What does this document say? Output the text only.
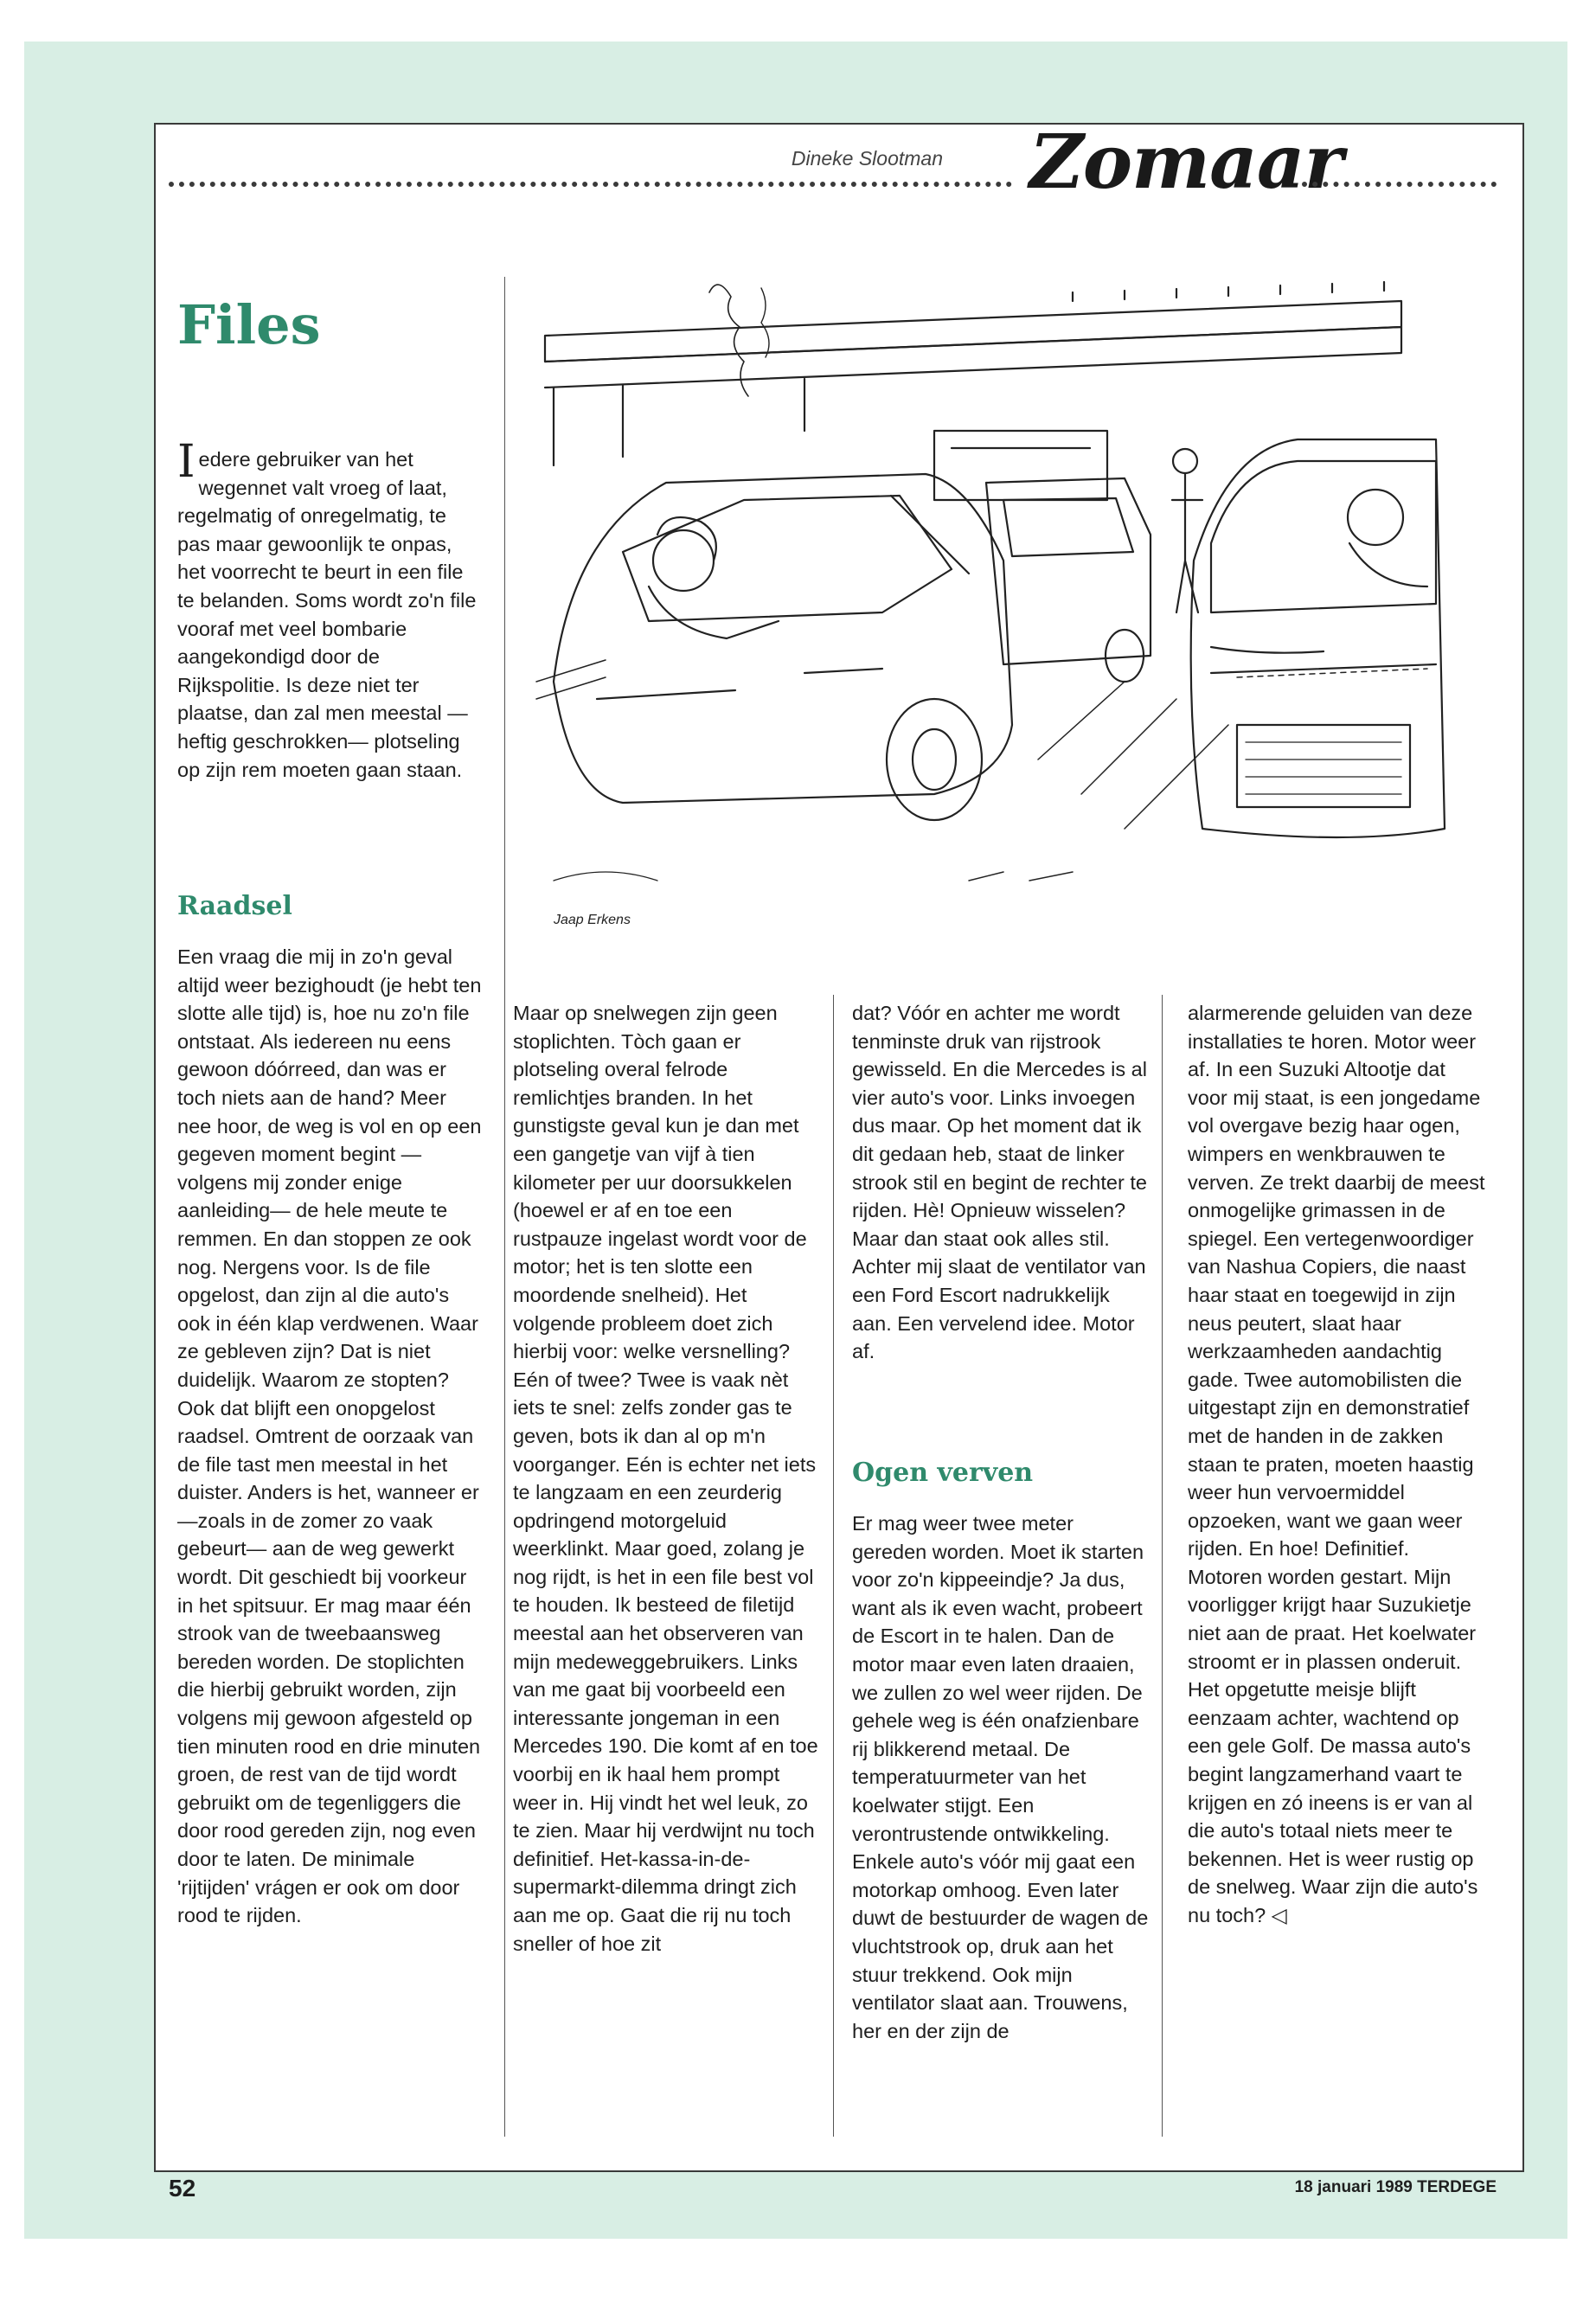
Dineke Slootman Zomaar
Files

Iedere gebruiker van het wegennet valt vroeg of laat, regelmatig of onregelmatig, te pas maar gewoonlijk te onpas, het voorrecht te beurt in een file te belanden. Soms wordt zo'n file vooraf met veel bombarie aangekondigd door de Rijkspolitie. Is deze niet ter plaatse, dan zal men meestal —heftig geschrokken— plotseling op zijn rem moeten gaan staan.

Raadsel
Een vraag die mij in zo'n geval altijd weer bezighoudt (je hebt ten slotte alle tijd) is, hoe nu zo'n file ontstaat. Als iedereen nu eens gewoon dóórreed, dan was er toch niets aan de hand? Meer nee hoor, de weg is vol en op een gegeven moment begint —volgens mij zonder enige aanleiding— de hele meute te remmen. En dan stoppen ze ook nog. Nergens voor. Is de file opgelost, dan zijn al die auto's ook in één klap verdwenen. Waar ze gebleven zijn? Dat is niet duidelijk. Waarom ze stopten? Ook dat blijft een onopgelost raadsel. Omtrent de oorzaak van de file tast men meestal in het duister. Anders is het, wanneer er —zoals in de zomer zo vaak gebeurt— aan de weg gewerkt wordt. Dit geschiedt bij voorkeur in het spitsuur. Er mag maar één strook van de tweebaansweg bereden worden. De stoplichten die hierbij gebruikt worden, zijn volgens mij gewoon afgesteld op tien minuten rood en drie minuten groen, de rest van de tijd wordt gebruikt om de tegenliggers die door rood gereden zijn, nog even door te laten. De minimale 'rijtijden' vrágen er ook om door rood te rijden.
Jaap Erkens
Maar op snelwegen zijn geen stoplichten. Tòch gaan er plotseling overal felrode remlichtjes branden. In het gunstigste geval kun je dan met een gangetje van vijf à tien kilometer per uur doorsukkelen (hoewel er af en toe een rustpauze ingelast wordt voor de motor; het is ten slotte een moordende snelheid). Het volgende probleem doet zich hierbij voor: welke versnelling? Eén of twee? Twee is vaak nèt iets te snel: zelfs zonder gas te geven, bots ik dan al op m'n voorganger. Eén is echter net iets te langzaam en een zeurderig opdringend motorgeluid weerklinkt. Maar goed, zolang je nog rijdt, is het in een file best vol te houden. Ik besteed de filetijd meestal aan het observeren van mijn medeweggebruikers. Links van me gaat bij voorbeeld een interessante jongeman in een Mercedes 190. Die komt af en toe voorbij en ik haal hem prompt weer in. Hij vindt het wel leuk, zo te zien. Maar hij verdwijnt nu toch definitief. Het-kassa-in-de-supermarkt-dilemma dringt zich aan me op. Gaat die rij nu toch sneller of hoe zit
dat? Vóór en achter me wordt tenminste druk van rijstrook gewisseld. En die Mercedes is al vier auto's voor. Links invoegen dus maar. Op het moment dat ik dit gedaan heb, staat de linker strook stil en begint de rechter te rijden. Hè! Opnieuw wisselen? Maar dan staat ook alles stil. Achter mij slaat de ventilator van een Ford Escort nadrukkelijk aan. Een vervelend idee. Motor af.
Ogen verven
Er mag weer twee meter gereden worden. Moet ik starten voor zo'n kippeeindje? Ja dus, want als ik even wacht, probeert de Escort in te halen. Dan de motor maar even laten draaien, we zullen zo wel weer rijden. De gehele weg is één onafzienbare rij blikkerend metaal. De temperatuurmeter van het koelwater stijgt. Een verontrustende ontwikkeling. Enkele auto's vóór mij gaat een motorkap omhoog. Even later duwt de bestuurder de wagen de vluchtstrook op, druk aan het stuur trekkend. Ook mijn ventilator slaat aan. Trouwens, her en der zijn de
alarmerende geluiden van deze installaties te horen. Motor weer af. In een Suzuki Altootje dat voor mij staat, is een jongedame vol overgave bezig haar ogen, wimpers en wenkbrauwen te verven. Ze trekt daarbij de meest onmogelijke grimassen in de spiegel. Een vertegenwoordiger van Nashua Copiers, die naast haar staat en toegewijd in zijn neus peutert, slaat haar werkzaamheden aandachtig gade. Twee automobilisten die uitgestapt zijn en demonstratief met de handen in de zakken staan te praten, moeten haastig weer hun vervoermiddel opzoeken, want we gaan weer rijden. En hoe! Definitief. Motoren worden gestart. Mijn voorligger krijgt haar Suzukietje niet aan de praat. Het koelwater stroomt er in plassen onderuit. Het opgetutte meisje blijft eenzaam achter, wachtend op een gele Golf. De massa auto's begint langzamerhand vaart te krijgen en zó ineens is er van al die auto's totaal niets meer te bekennen. Het is weer rustig op de snelweg. Waar zijn die auto's nu toch? ◁
52	18 januari 1989 TERDEGE
